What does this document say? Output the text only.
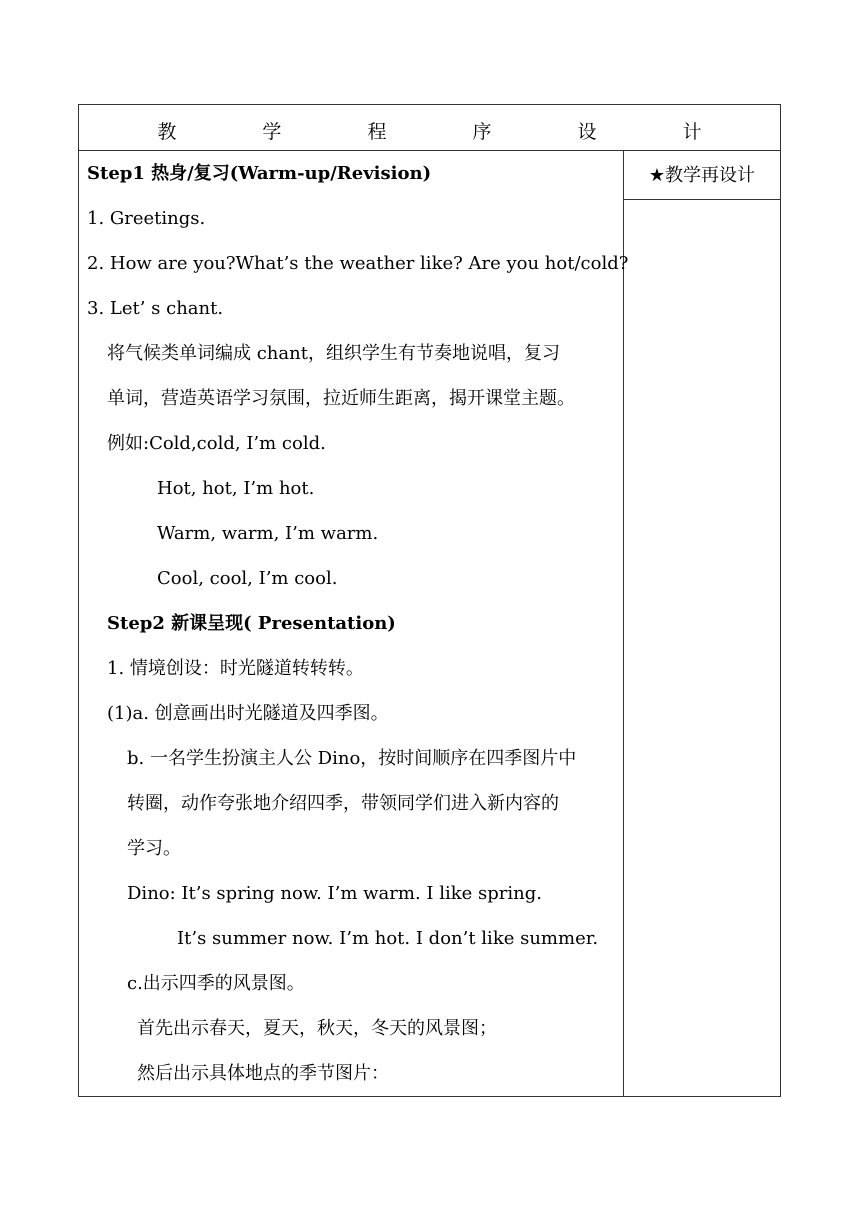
教 学 程 序 设 计
★教学再设计
Step1 热身/复习(Warm-up/Revision)
1. Greetings.
2. How are you?What’s the weather like? Are you hot/cold?
3. Let’ s chant.
将气候类单词编成 chant，组织学生有节奏地说唱，复习
单词，营造英语学习氛围，拉近师生距离，揭开课堂主题。
例如:Cold,cold, I’m cold.
Hot, hot, I’m hot.
Warm, warm, I’m warm.
Cool, cool, I’m cool.
Step2 新课呈现( Presentation)
1. 情境创设：时光隧道转转转。
(1)a. 创意画出时光隧道及四季图。
b. 一名学生扮演主人公 Dino，按时间顺序在四季图片中
转圈，动作夸张地介绍四季，带领同学们进入新内容的
学习。
Dino: It’s spring now. I’m warm. I like spring.
It’s summer now. I’m hot. I don’t like summer.
c.出示四季的风景图。
首先出示春天，夏天，秋天，冬天的风景图；
然后出示具体地点的季节图片：
